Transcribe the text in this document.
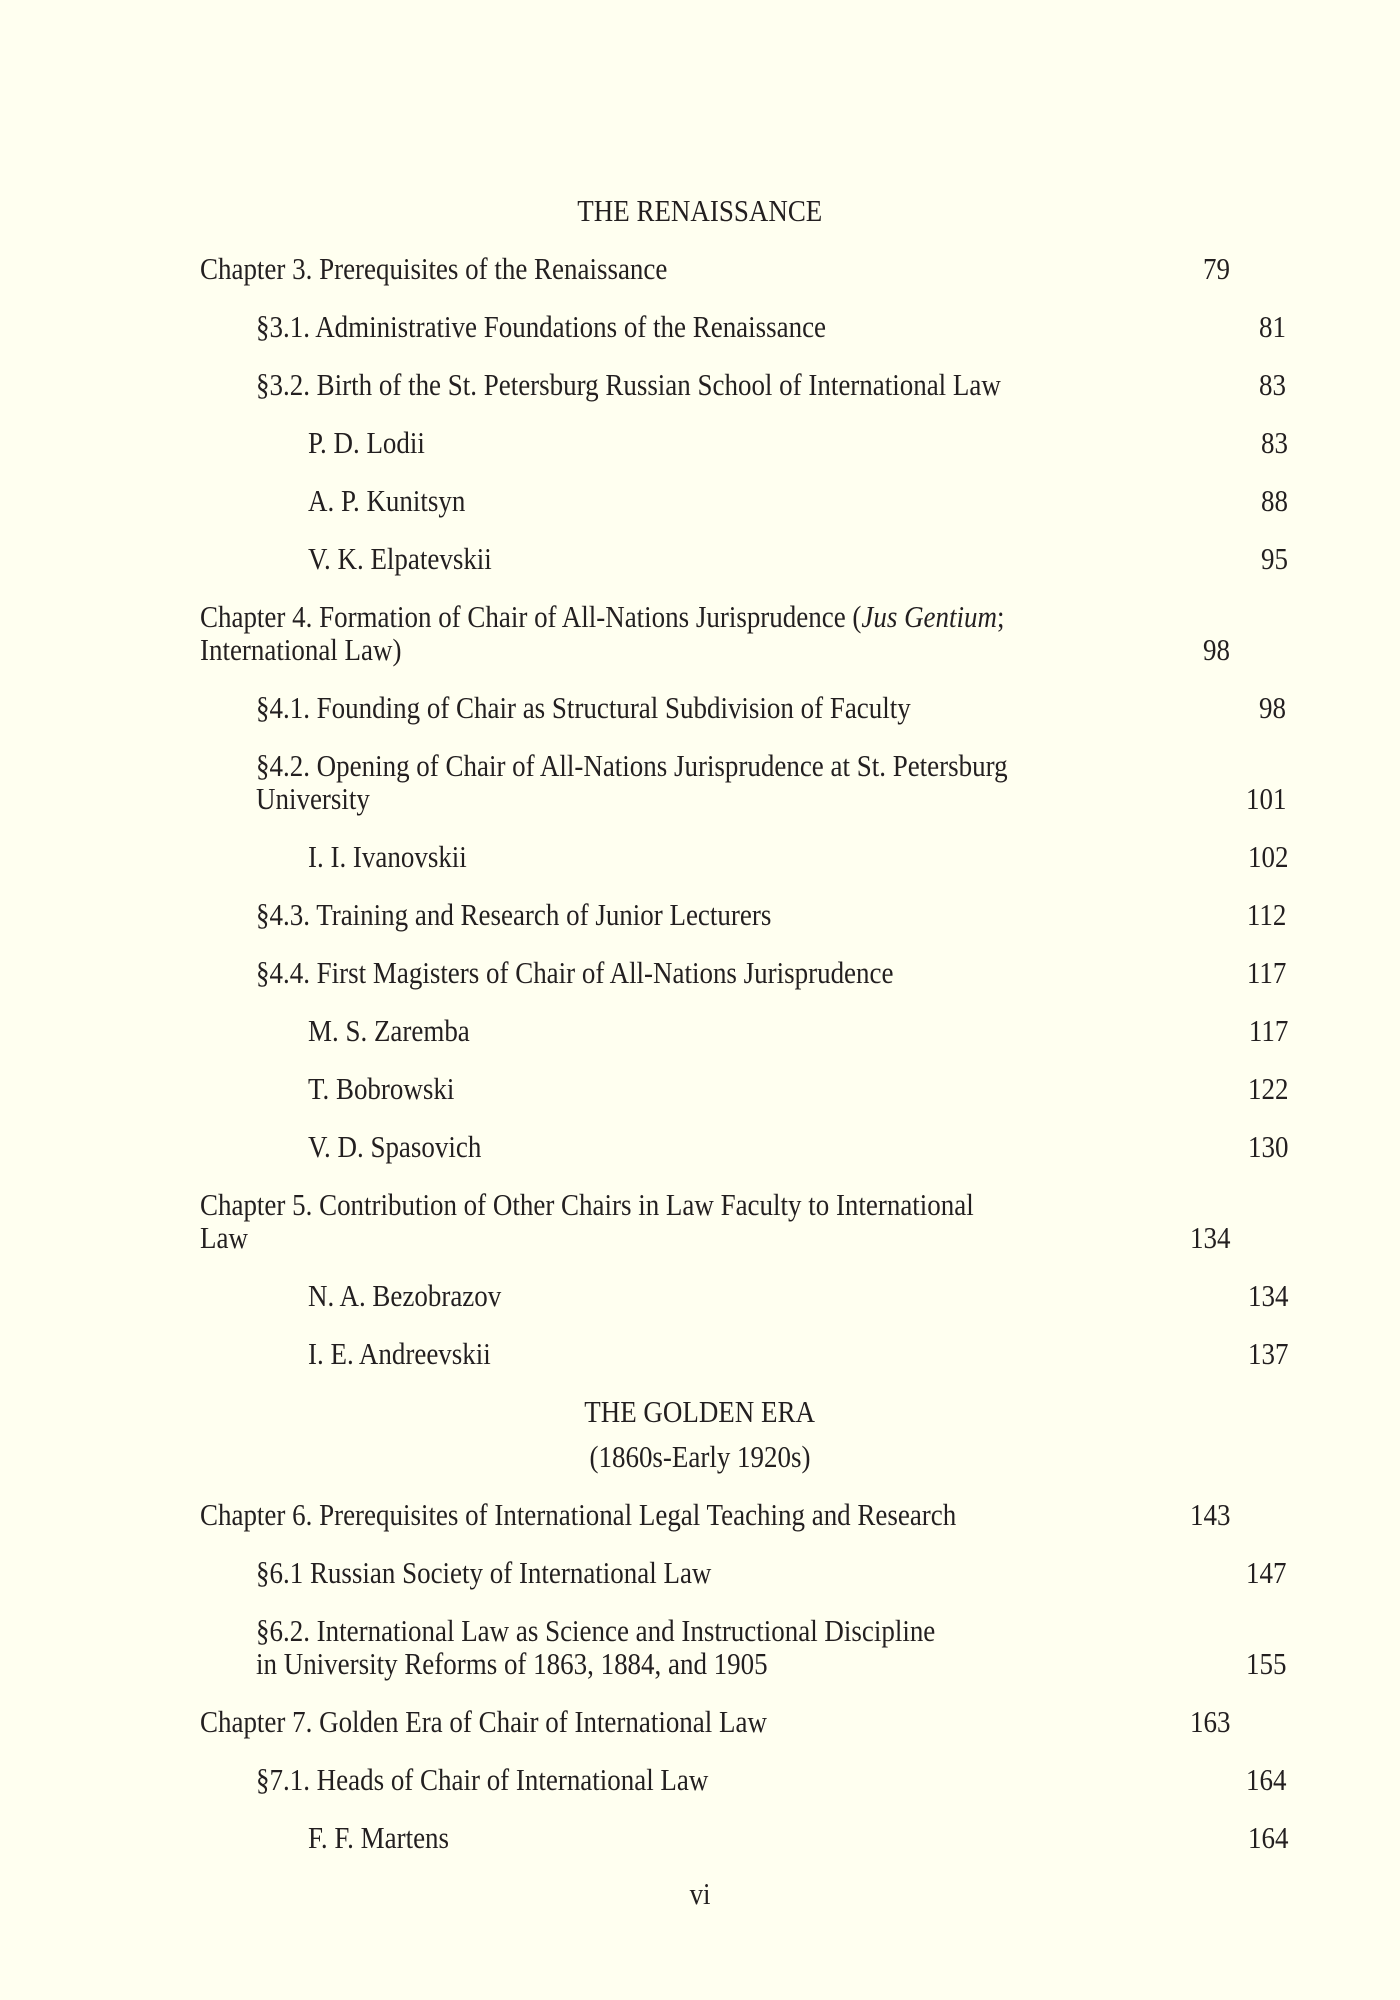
THE RENAISSANCE
Chapter 3. Prerequisites of the Renaissance	79
§3.1. Administrative Foundations of the Renaissance	81
§3.2. Birth of the St. Petersburg Russian School of International Law	83
P. D. Lodii	83
A. P. Kunitsyn	88
V. K. Elpatevskii	95
Chapter 4. Formation of Chair of All-Nations Jurisprudence (Jus Gentium;
International Law)	98
§4.1. Founding of Chair as Structural Subdivision of Faculty	98
§4.2. Opening of Chair of All-Nations Jurisprudence at St. Petersburg
University	101
I. I. Ivanovskii	102
§4.3. Training and Research of Junior Lecturers	112
§4.4. First Magisters of Chair of All-Nations Jurisprudence	117
M. S. Zaremba	117
T. Bobrowski	122
V. D. Spasovich	130
Chapter 5. Contribution of Other Chairs in Law Faculty to International
Law	134
N. A. Bezobrazov	134
I. E. Andreevskii	137
THE GOLDEN ERA
(1860s-Early 1920s)
Chapter 6. Prerequisites of International Legal Teaching and Research	143
§6.1 Russian Society of International Law	147
§6.2. International Law as Science and Instructional Discipline
in University Reforms of 1863, 1884, and 1905	155
Chapter 7. Golden Era of Chair of International Law	163
§7.1. Heads of Chair of International Law	164
F. F. Martens	164
vi
